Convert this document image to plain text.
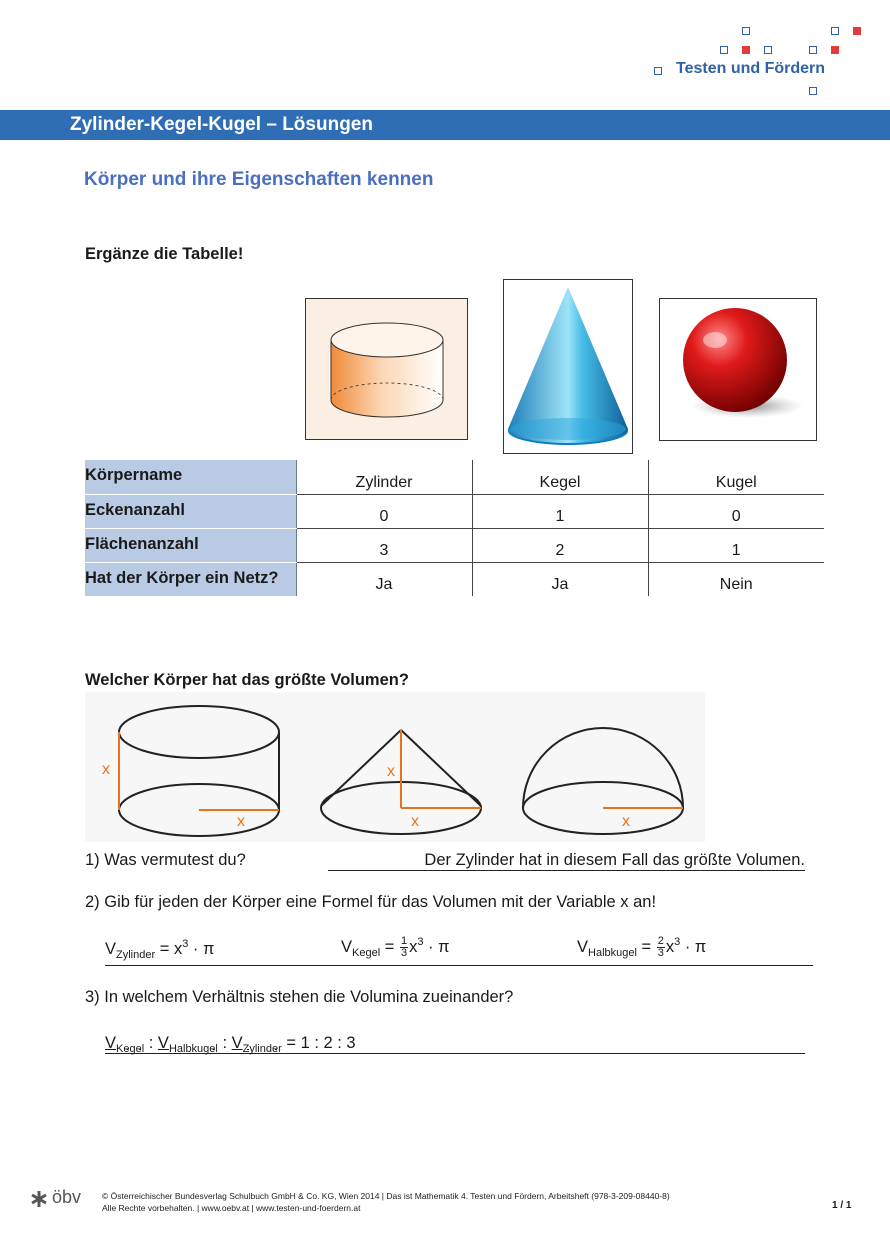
Testen und Fördern
Zylinder-Kegel-Kugel – Lösungen
Körper und ihre Eigenschaften kennen
Ergänze die Tabelle!
Körpername	Zylinder	Kegel	Kugel
Eckenanzahl	0	1	0
Flächenanzahl	3	2	1
Hat der Körper ein Netz?	Ja	Ja	Nein
Welcher Körper hat das größte Volumen?
x
x
x
x	x
1) Was vermutest du?	Der Zylinder hat in diesem Fall das größte Volumen.
2) Gib für jeden der Körper eine Formel für das Volumen mit der Variable x an!
$V_{Zylinder} = x^3 \cdot \pi$	$V_{Kegel} = \frac{1}{3} x^3 \cdot \pi$	$V_{Halbkugel} = \frac{2}{3} x^3 \cdot \pi$
3) In welchem Verhältnis stehen die Volumina zueinander?
$V_{Kegel}$ : $V_{Halbkugel}$ : $V_{Zylinder} = 1$ : 2 : 3
öbv © Österreichischer Bundesverlag Schulbuch GmbH & Co. KG, Wien 2014 | Das ist Mathematik 4. Testen und Fördern, Arbeitsheft (978-3-209-08440-8)
Alle Rechte vorbehalten. | www.oebv.at | www.testen-und-foerdern.at	1 / 1
